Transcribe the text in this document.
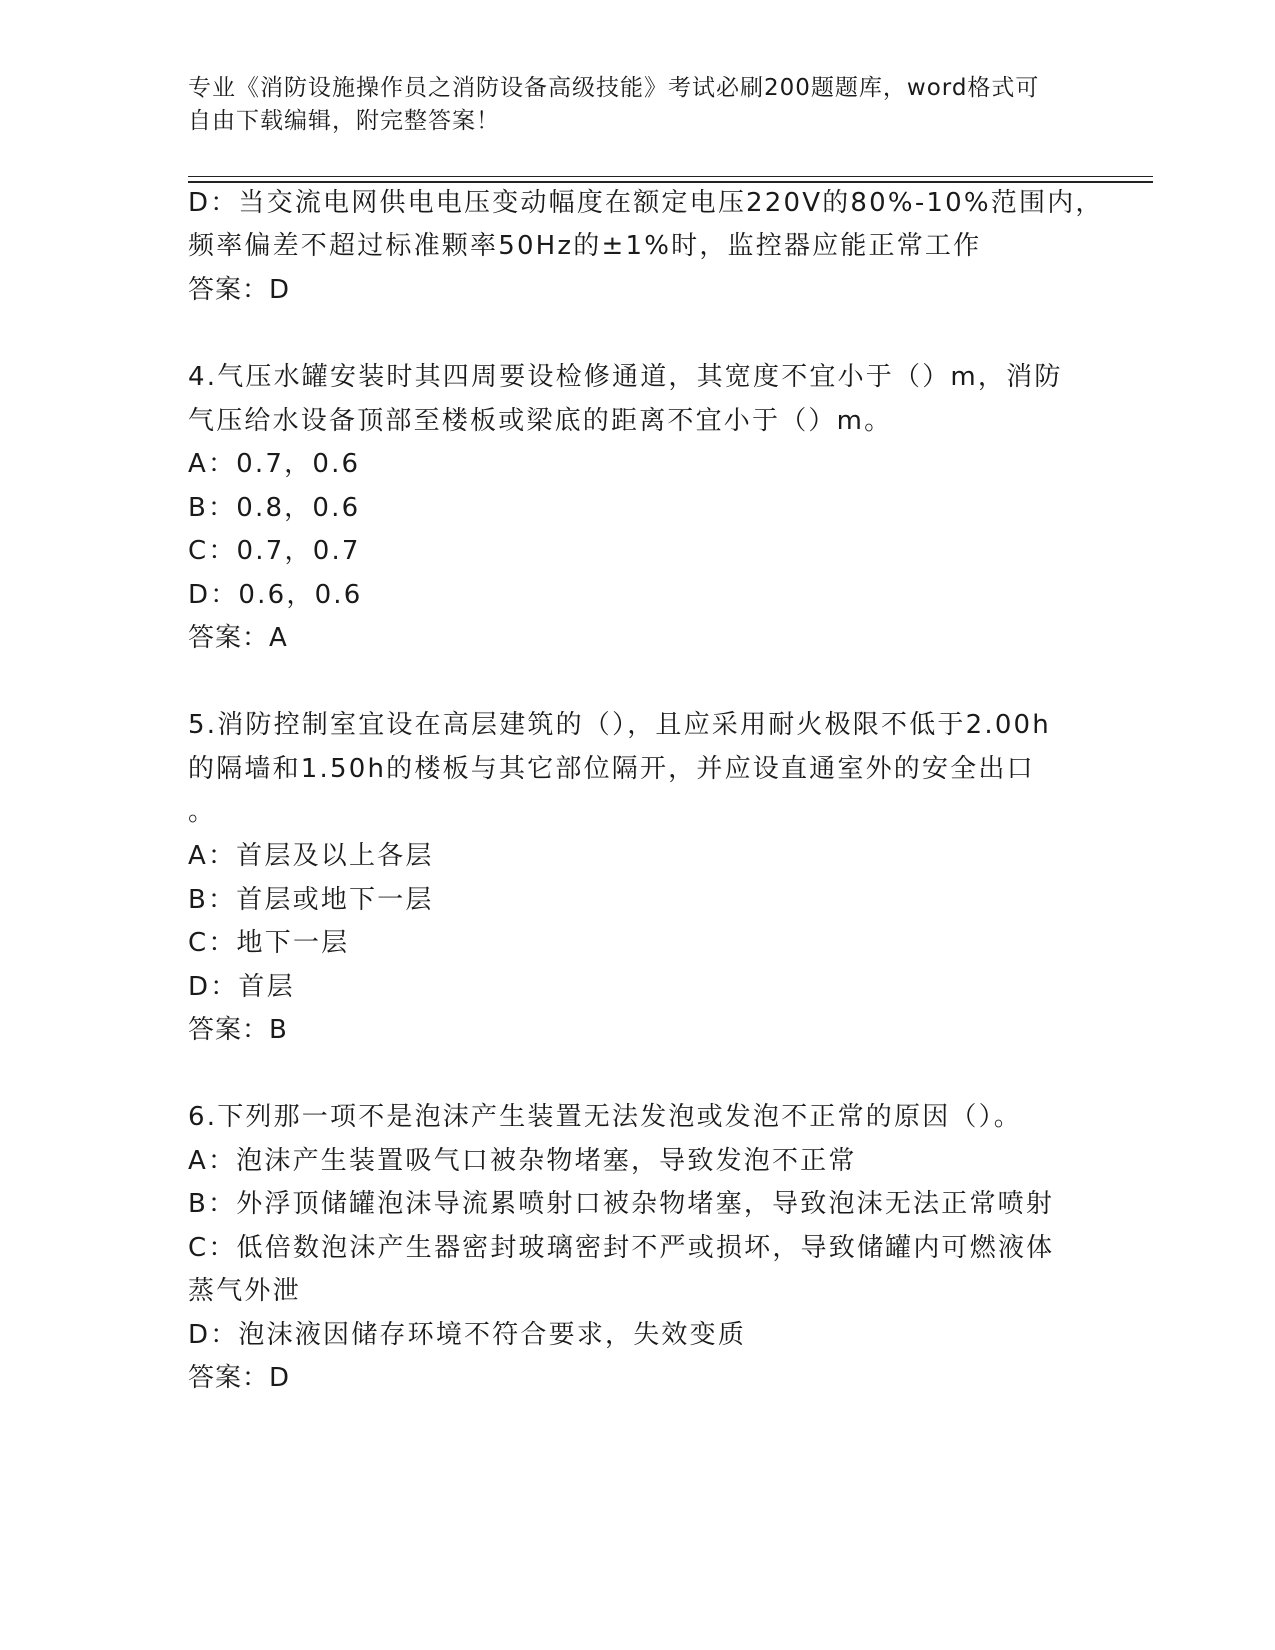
专业《消防设施操作员之消防设备高级技能》考试必刷200题题库，word格式可
自由下载编辑，附完整答案！
D：当交流电网供电电压变动幅度在额定电压220V的80%-10%范围内，
频率偏差不超过标准颗率50Hz的±1%时，监控器应能正常工作
答案：D
4.气压水罐安装时其四周要设检修通道，其宽度不宜小于（）m，消防
气压给水设备顶部至楼板或梁底的距离不宜小于（）m。
A：0.7，0.6
B：0.8，0.6
C：0.7，0.7
D：0.6，0.6
答案：A
5.消防控制室宜设在高层建筑的（），且应采用耐火极限不低于2.00h
的隔墙和1.50h的楼板与其它部位隔开，并应设直通室外的安全出口
。
A：首层及以上各层
B：首层或地下一层
C：地下一层
D：首层
答案：B
6.下列那一项不是泡沫产生装置无法发泡或发泡不正常的原因（）。
A：泡沫产生装置吸气口被杂物堵塞，导致发泡不正常
B：外浮顶储罐泡沫导流累喷射口被杂物堵塞，导致泡沫无法正常喷射
C：低倍数泡沫产生器密封玻璃密封不严或损坏，导致储罐内可燃液体
蒸气外泄
D：泡沫液因储存环境不符合要求，失效变质
答案：D
